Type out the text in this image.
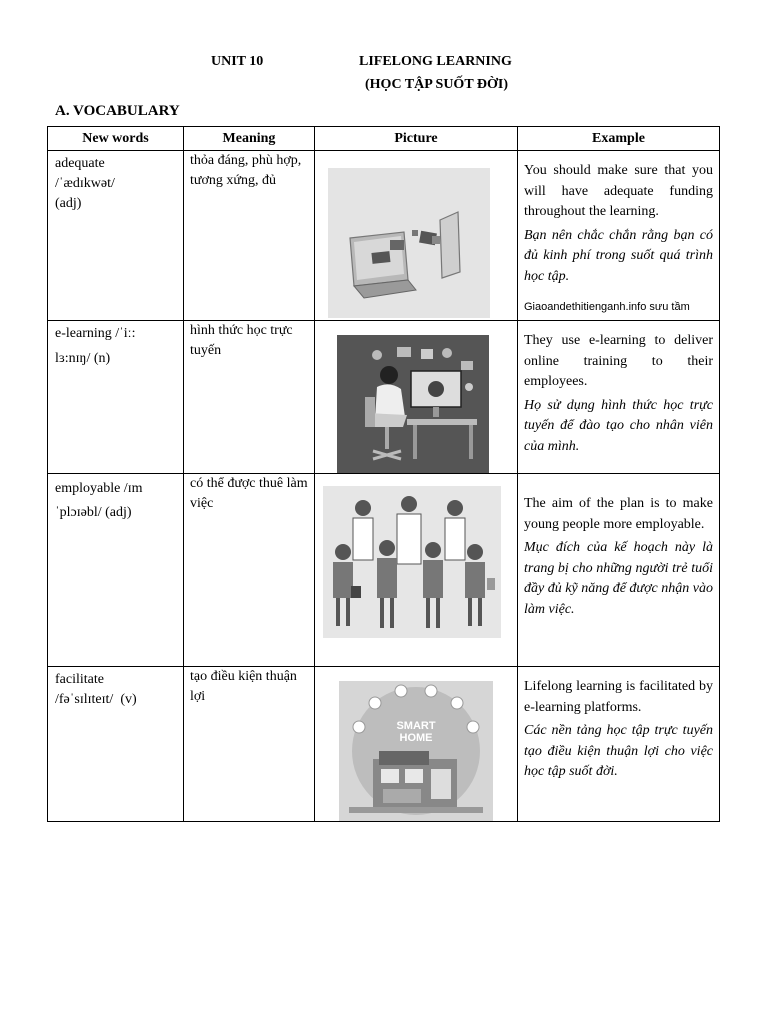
UNIT 10	LIFELONG LEARNING
(HỌC TẬP SUỐT ĐỜI)
A. VOCABULARY
New words	Meaning	Picture	Example

adequate
/ˈædɪkwət/
(adj)	thỏa đáng, phù hợp, tương xứng, đủ		You should make sure that you will have adequate funding throughout the learning.
Bạn nên chắc chắn rằng bạn có đủ kinh phí trong suốt quá trình học tập.
Giaoandethitienganh.info sưu tầm

e-learning /ˈiː:
lɜ:nɪŋ/ (n)	hình thức học trực tuyến		They use e-learning to deliver online training to their employees.
Họ sử dụng hình thức học trực tuyến để đào tạo cho nhân viên của mình.

employable /ɪm
ˈplɔɪəbl/ (adj)	có thể được thuê làm việc		The aim of the plan is to make young people more employable.
Mục đích của kế hoạch này là trang bị cho những người trẻ tuổi đầy đủ kỹ năng để được nhận vào làm việc.

facilitate
/fəˈsɪlɪteɪt/  (v)	tạo điều kiện thuận lợi	SMART
HOME	Lifelong learning is facilitated by e-learning platforms.
Các nền tảng học tập trực tuyến tạo điều kiện thuận lợi cho việc học tập suốt đời.
